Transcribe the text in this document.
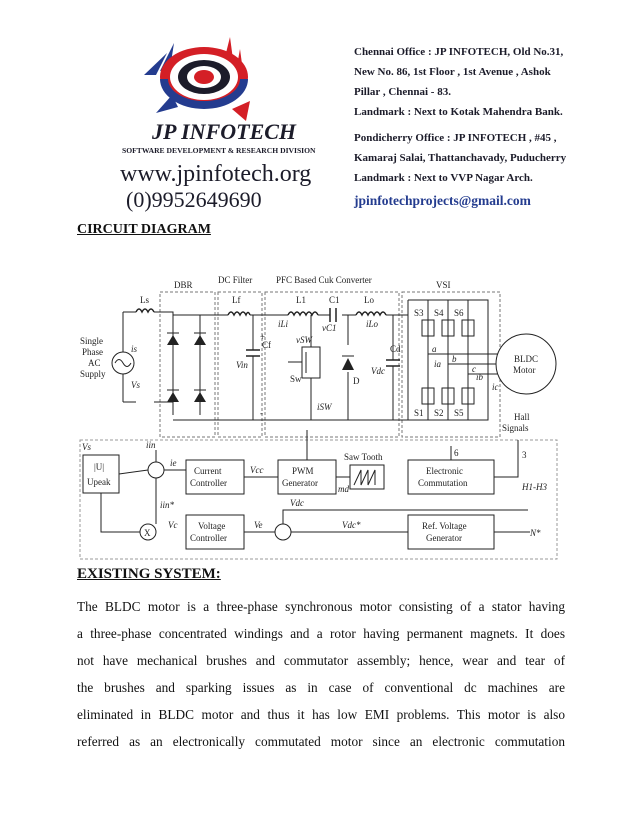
JP INFOTECH
SOFTWARE DEVELOPMENT & RESEARCH DIVISION
www.jpinfotech.org
(0)9952649690
Chennai Office : JP INFOTECH, Old No.31,
New No. 86, 1st Floor , 1st Avenue , Ashok
Pillar , Chennai - 83.
Landmark : Next to Kotak Mahendra Bank.
Pondicherry Office : JP INFOTECH , #45 ,
Kamaraj Salai, Thattanchavady, Puducherry
Landmark : Next to VVP Nagar Arch.
jpinfotechprojects@gmail.com
CIRCUIT DIAGRAM
DC Filter	PFC Based Cuk Converter
DBR	VSI
Ls	Lf	L1	C1	Lo
Cf	Cd
Sw	D
S3 S4 S6
S1 S2 S5
is
Vs
Vin
iLi	vC1	iLo
vSW
Vdc
iSW
a
b
c
ia
ib
ic
+
-
6	3
Single
Phase
AC
Supply
BLDC
Motor
Hall
Signals
Current
Controller
PWM
Generator
Saw Tooth
Electronic
Commutation
Voltage
Controller
Ref. Voltage
Generator
|U|
Upeak
X
Vs	iin
ie
Vcc
md
Vc
iin*
Ve
Vdc
Vdc*
N*
H1-H3
EXISTING SYSTEM:
The BLDC motor is a three-phase synchronous motor consisting of a stator having
a three-phase concentrated windings and a rotor having permanent magnets. It does
not have mechanical brushes and commutator assembly; hence, wear and tear of
the brushes and sparking issues as in case of conventional dc machines are
eliminated in BLDC motor and thus it has low EMI problems. This motor is also
referred as an electronically commutated motor since an electronic commutation
